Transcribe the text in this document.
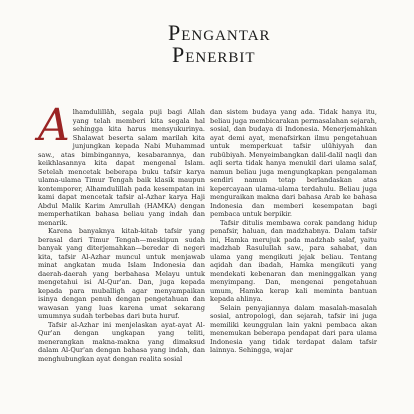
Pengantar
Penerbit

Alhamdulillāh, segala puji bagi Allah yang telah memberi kita segala hal sehingga kita harus mensyukurinya. Shalawat beserta salam marilah kita junjungkan kepada Nabi Muhammad saw., atas bimbingannya, kesabarannya, dan keikhlasannya kita dapat mengenal Islam. Setelah mencetak beberapa buku tafsir karya ulama-ulama Timur Tengah baik klasik maupun kontemporer, Alhamdulillah pada kesempatan ini kami dapat mencetak tafsir al-Azhar karya Haji Abdul Malik Karim Amrullah (HAMKA) dengan memperhatikan bahasa beliau yang indah dan menarik.

Karena banyaknya kitab-kitab tafsir yang berasal dari Timur Tengah—meskipun sudah banyak yang diterjemahkan—beredar di negeri kita, tafsir Al-Azhar muncul untuk menjawab minat angkatan muda Islam Indonesia dan daerah-daerah yang berbahasa Melayu untuk mengetahui isi Al-Qur'an. Dan, juga kepada kepada para muballigh agar menyampaikan isinya dengan penuh dengan pengetahuan dan wawasan yang luas karena umat sekarang umumnya sudah terbebas dari buta huruf.

Tafsir al-Azhar ini menjelaskan ayat-ayat Al-Qur'an dengan ungkapan yang teliti, menerangkan makna-makna yang dimaksud dalam Al-Qur'an dengan bahasa yang indah, dan menghubungkan ayat dengan realita sosial

dan sistem budaya yang ada. Tidak hanya itu, beliau juga membicarakan permasalahan sejarah, sosial, dan budaya di Indonesia. Menerjemahkan ayat demi ayat, menafsirkan ilmu pengetahuan untuk memperkuat tafsir ulūhiyyah dan rubūbiyah. Menyeimbangkan dalil-dalil naqli dan aqli serta tidak hanya menukil dari ulama salaf, namun beliau juga mengungkapkan pengalaman sendiri namun tetap berlandaskan atas kepercayaan ulama-ulama terdahulu. Beliau juga menguraikan makna dari bahasa Arab ke bahasa Indonesia dan memberi kesempatan bagi pembaca untuk berpikir.

Tafsir ditulis membawa corak pandang hidup penafsir, haluan, dan madzhabnya. Dalam tafsir ini, Hamka merujuk pada madzhab salaf, yaitu madzhab Rasulullah saw., para sahabat, dan ulama yang mengikuti jejak beliau. Tentang aqidah dan ibadah, Hamka mengikuti yang mendekati kebenaran dan meninggalkan yang menyimpang. Dan, mengenai pengetahuan umum, Hamka kerap kali meminta bantuan kepada ahlinya.

Selain penyajiannya dalam masalah-masalah sosial, antropologi, dan sejarah, tafsir ini juga memiliki keunggulan lain yakni pembaca akan menemukan beberapa pendapat dari para ulama Indonesia yang tidak terdapat dalam tafsir lainnya. Sehingga, wajar
